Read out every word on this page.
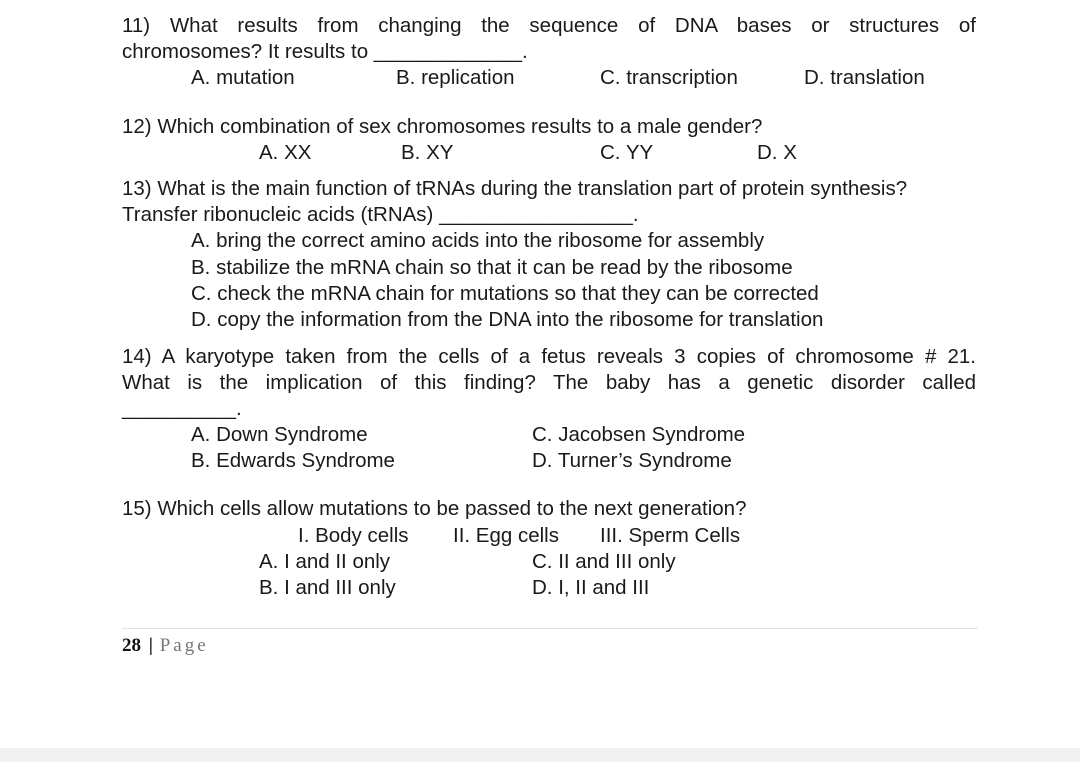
11) What results from changing the sequence of DNA bases or structures of
chromosomes? It results to _____________.
A. mutation	B. replication	C. transcription	D. translation
12) Which combination of sex chromosomes results to a male gender?
A. XX	B. XY	C. YY	D. X
13) What is the main function of tRNAs during the translation part of protein synthesis?
Transfer ribonucleic acids (tRNAs) _________________.
A. bring the correct amino acids into the ribosome for assembly
B. stabilize the mRNA chain so that it can be read by the ribosome
C. check the mRNA chain for mutations so that they can be corrected
D. copy the information from the DNA into the ribosome for translation
14) A karyotype taken from the cells of a fetus reveals 3 copies of chromosome # 21.
What is the implication of this finding? The baby has a genetic disorder called
__________.
A. Down Syndrome
B. Edwards Syndrome
C. Jacobsen Syndrome
D. Turner’s Syndrome
15) Which cells allow mutations to be passed to the next generation?
I. Body cells II. Egg cells III. Sperm Cells
A. I and II only
B. I and III only
C. II and III only
D. I, II and III
28 | Page
